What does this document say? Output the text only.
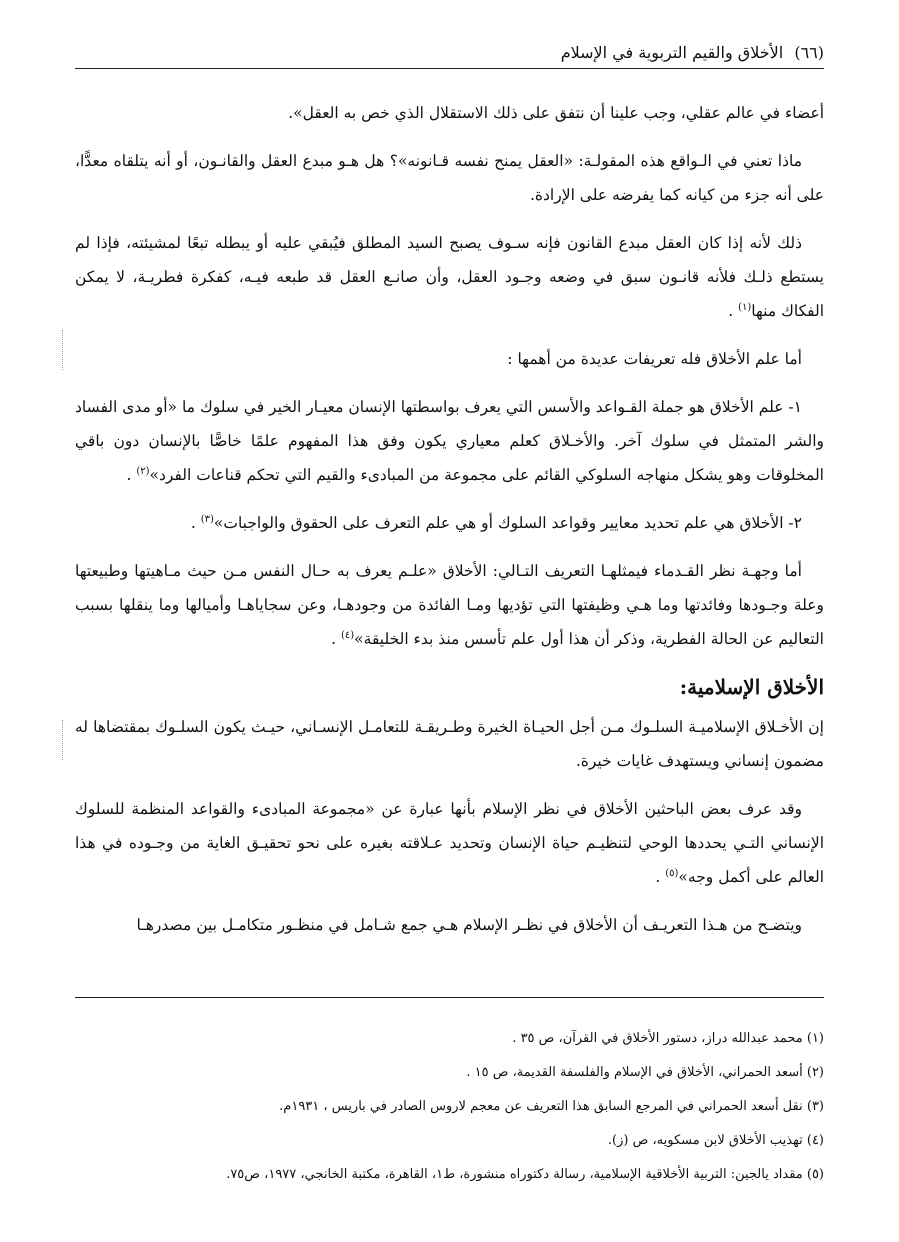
(٦٦) الأخلاق والقيم التربوية في الإسلام

أعضاء في عالم عقلي، وجب علينا أن نتفق على ذلك الاستقلال الذي خص به العقل».

ماذا تعني في الـواقع هذه المقولـة: «العقل يمنح نفسه قـانونه»؟ هل هـو مبدع العقل والقانـون، أو أنه يتلقاه معدًّا، على أنه جزء من كيانه كما يفرضه على الإرادة.

ذلك لأنه إذا كان العقل مبدع القانون فإنه سـوف يصبح السيد المطلق فيُبقي عليه أو يبطله تبعًا لمشيئته، فإذا لم يستطع ذلـك فلأنه قانـون سبق في وضعه وجـود العقل، وأن صانـع العقل قد طبعه فيـه، كفكرة فطريـة، لا يمكن الفكاك منها$^{(١)}$ .

أما علم الأخلاق فله تعريفات عديدة من أهمها :

١- علم الأخلاق هو جملة القـواعد والأسس التي يعرف بواسطتها الإنسان معيـار الخير في سلوك ما «أو مدى الفساد والشر المتمثل في سلوك آخر. والأخـلاق كعلم معياري يكون وفق هذا المفهوم علمًا خاصًّا بالإنسان دون باقي المخلوقات وهو يشكل منهاجه السلوكي القائم على مجموعة من المبادىء والقيم التي تحكم قناعات الفرد»$^{(٢)}$ .

٢- الأخلاق هي علم تحديد معايير وقواعد السلوك أو هي علم التعرف على الحقوق والواجبات»$^{(٣)}$ .

أما وجهـة نظر القـدماء فيمثلهـا التعريف التـالي: الأخلاق «علـم يعرف به حـال النفس مـن حيث مـاهيتها وطبيعتها وعلة وجـودها وفائدتها وما هـي وظيفتها التي تؤديها ومـا الفائدة من وجودهـا، وعن سجاياهـا وأميالها وما ينقلها بسبب التعاليم عن الحالة الفطرية، وذكر أن هذا أول علم تأسس منذ بدء الخليقة»$^{(٤)}$ .

الأخلاق الإسلامية:

إن الأخـلاق الإسلاميـة السلـوك مـن أجل الحيـاة الخيرة وطـريقـة للتعامـل الإنسـاني، حيـث يكون السلـوك بمقتضاها له مضمون إنساني ويستهدف غايات خيرة.

وقد عرف بعض الباحثين الأخلاق في نظر الإسلام بأنها عبارة عن «مجموعة المبادىء والقواعد المنظمة للسلوك الإنساني التـي يحددها الوحي لتنظيـم حياة الإنسان وتحديد عـلاقته بغيره على نحو تحقيـق الغاية من وجـوده في هذا العالم على أكمل وجه»$^{(٥)}$ .

ويتضـح من هـذا التعريـف أن الأخلاق في نظـر الإسلام هـي جمع شـامل في منظـور متكامـل بين مصدرهـا

(١) محمد عبدالله دراز، دستور الأخلاق في القرآن، ص ٣٥ .
(٢) أسعد الحمراني، الأخلاق في الإسلام والفلسفة القديمة، ص ١٥ .
(٣) نقل أسعد الحمراني في المرجع السابق هذا التعريف عن معجم لاروس الصادر في باريس ، ١٩٣١م.
(٤) تهذيب الأخلاق لابن مسكويه، ص (ز).
(٥) مقداد يالجين: التربية الأخلاقية الإسلامية، رسالة دكتوراه منشورة، ط١، القاهرة، مكتبة الخانجي، ١٩٧٧، ص٧٥.
